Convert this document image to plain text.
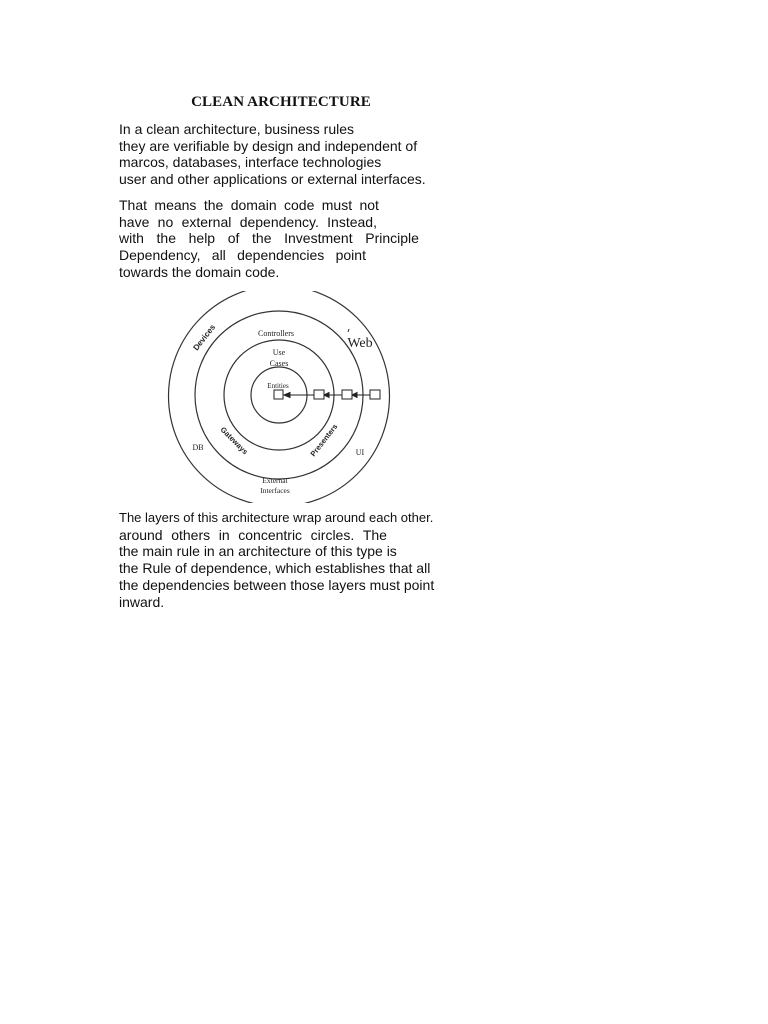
CLEAN ARCHITECTURE
In a clean architecture, business rules
they are verifiable by design and independent of
marcos, databases, interface technologies
user and other applications or external interfaces.
That means the domain code must not
have no external dependency. Instead,
with the help of the Investment Principle
Dependency, all dependencies point
towards the domain code.
Devices	Controllers
Web
Use
Cases
Entities
DB Gateways	Presenters UI
External
Interfaces
The layers of this architecture wrap around each other.
around others in concentric circles. The
the main rule in an architecture of this type is
the Rule of dependence, which establishes that all
the dependencies between those layers must point
inward.
